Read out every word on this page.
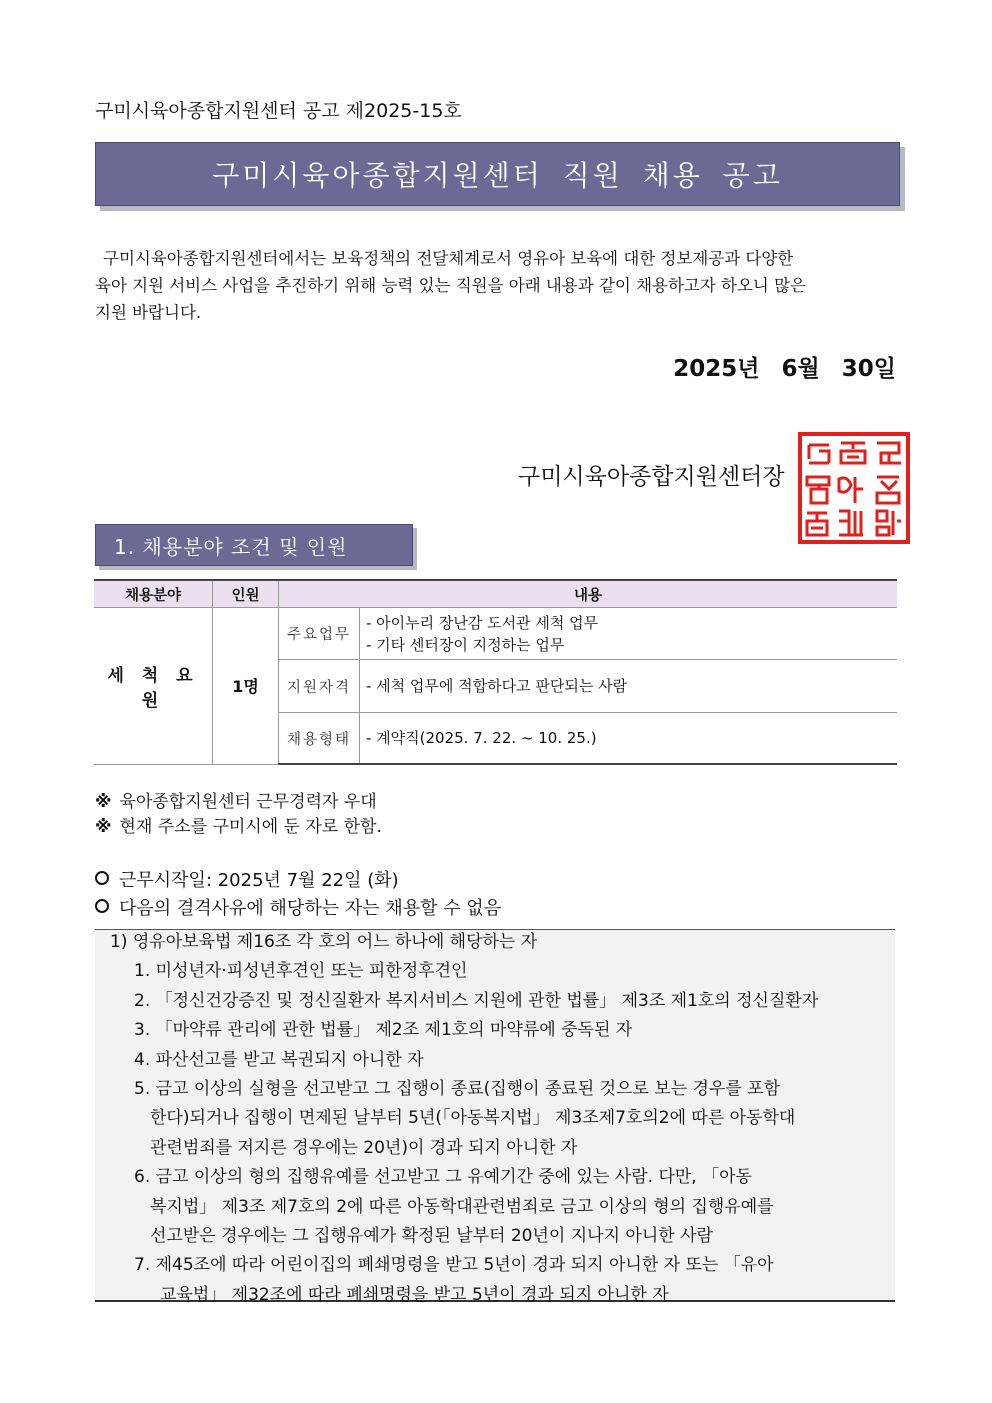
구미시육아종합지원센터 공고 제2025-15호
구미시육아종합지원센터 직원 채용 공고

구미시육아종합지원센터에서는 보육정책의 전달체계로서 영유아 보육에 대한 정보제공과 다양한

육아 지원 서비스 사업을 추진하기 위해 능력 있는 직원을 아래 내용과 같이 채용하고자 하오니 많은

지원 바랍니다.

2025년 6월 30일
구미시육아종합지원센터장
1. 채용분야 조건 및 인원
채용분야	인원	내용	
세 척 요 원	1명	주요업무	- 아이누리 장난감 도서관 세척 업무
- 기타 센터장이 지정하는 업무

		지원자격	- 세척 업무에 적합하다고 판단되는 사람

		채용형태	- 계약직(2025. 7. 22. ~ 10. 25.)
※ 육아종합지원센터 근무경력자 우대
※ 현재 주소를 구미시에 둔 자로 한함.
근무시작일: 2025년 7월 22일 (화)
다음의 결격사유에 해당하는 자는 채용할 수 없음
1) 영유아보육법 제16조 각 호의 어느 하나에 해당하는 자
1. 미성년자·피성년후견인 또는 피한정후견인
2. 「정신건강증진 및 정신질환자 복지서비스 지원에 관한 법률」 제3조 제1호의 정신질환자
3. 「마약류 관리에 관한 법률」 제2조 제1호의 마약류에 중독된 자
4. 파산선고를 받고 복권되지 아니한 자
5. 금고 이상의 실형을 선고받고 그 집행이 종료(집행이 종료된 것으로 보는 경우를 포함
한다)되거나 집행이 면제된 날부터 5년(「아동복지법」 제3조제7호의2에 따른 아동학대
관련범죄를 저지른 경우에는 20년)이 경과 되지 아니한 자
6. 금고 이상의 형의 집행유예를 선고받고 그 유예기간 중에 있는 사람. 다만, 「아동
복지법」 제3조 제7호의 2에 따른 아동학대관련범죄로 금고 이상의 형의 집행유예를
선고받은 경우에는 그 집행유예가 확정된 날부터 20년이 지나지 아니한 사람
7. 제45조에 따라 어린이집의 폐쇄명령을 받고 5년이 경과 되지 아니한 자 또는 「유아
교육법」 제32조에 따라 폐쇄명령을 받고 5년이 경과 되지 아니한 자
